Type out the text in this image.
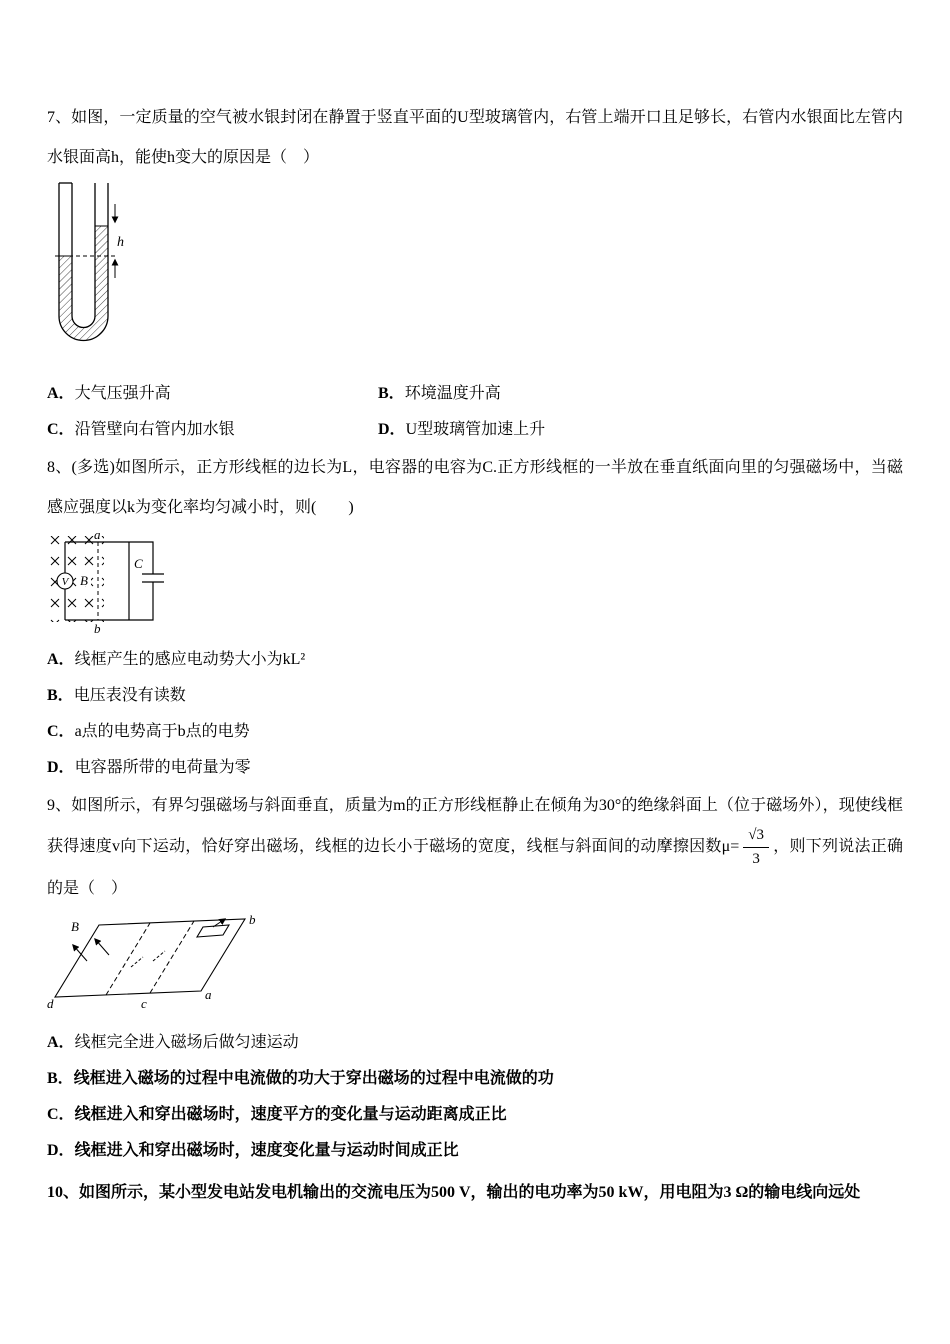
7、如图，一定质量的空气被水银封闭在静置于竖直平面的U型玻璃管内，右管上端开口且足够长，右管内水银面比左管内水银面高h，能使h变大的原因是（　）

h
A．大气压强升高	B．环境温度升高
C．沿管壁向右管内加水银	D．U型玻璃管加速上升

8、(多选)如图所示，正方形线框的边长为L，电容器的电容为C.正方形线框的一半放在垂直纸面向里的匀强磁场中，当磁感应强度以k为变化率均匀减小时，则(　　)

V
a
b
B
C
A．线框产生的感应电动势大小为kL²
B．电压表没有读数
C．a点的电势高于b点的电势
D．电容器所带的电荷量为零

9、如图所示，有界匀强磁场与斜面垂直，质量为m的正方形线框静止在倾角为30°的绝缘斜面上（位于磁场外），现使线框获得速度v向下运动，恰好穿出磁场，线框的边长小于磁场的宽度，线框与斜面间的动摩擦因数$\mu= \frac{√3}{3}$ ，则下列说法正确的是（　）

B	b
a
c
d
A．线框完全进入磁场后做匀速运动
B．线框进入磁场的过程中电流做的功大于穿出磁场的过程中电流做的功
C．线框进入和穿出磁场时，速度平方的变化量与运动距离成正比
D．线框进入和穿出磁场时，速度变化量与运动时间成正比

10、如图所示，某小型发电站发电机输出的交流电压为500 V，输出的电功率为50 kW，用电阻为3 Ω的输电线向远处
